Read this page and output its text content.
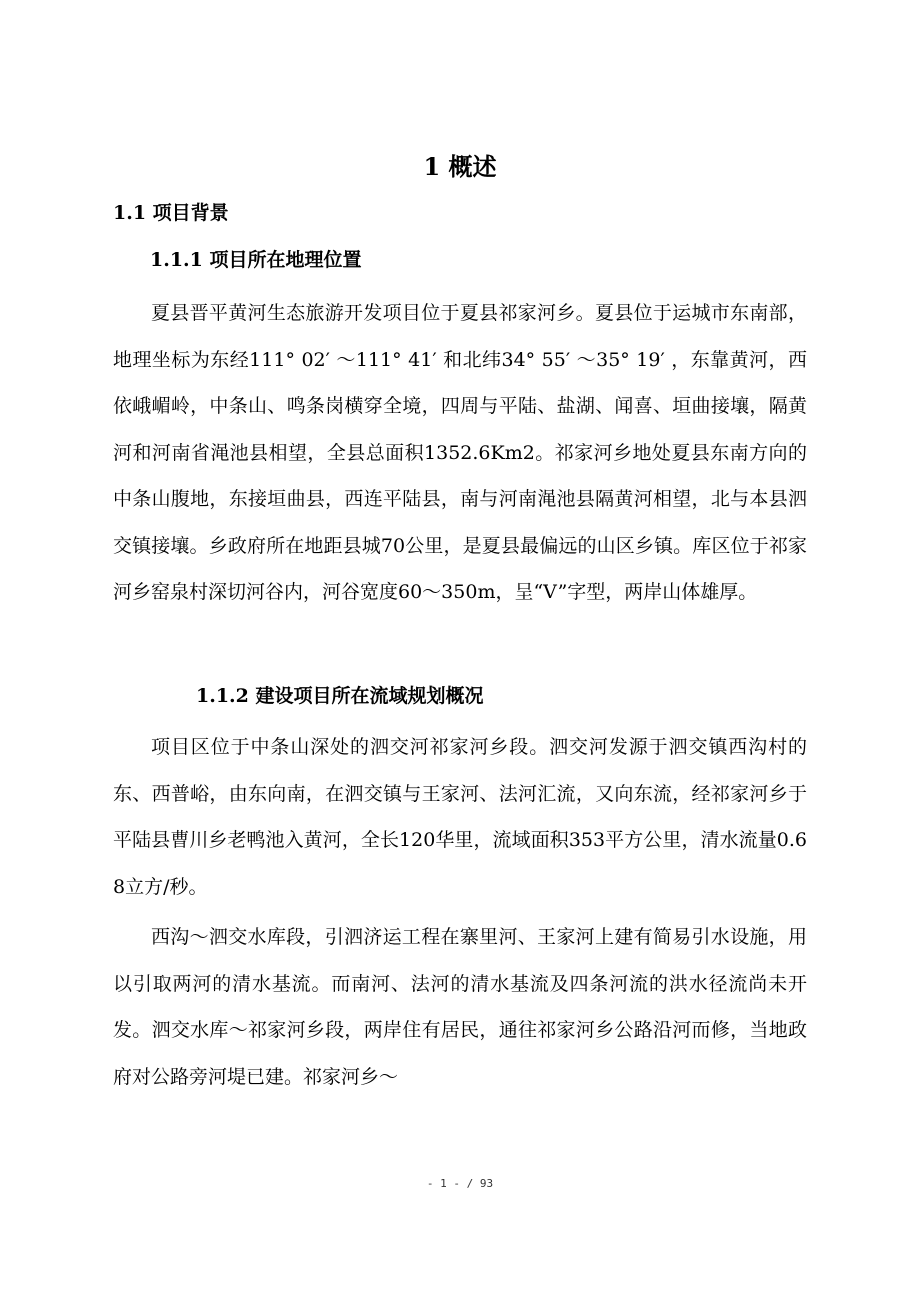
1 概述
1.1 项目背景
1.1.1 项目所在地理位置

夏县晋平黄河生态旅游开发项目位于夏县祁家河乡。夏县位于运城市东南部，地理坐标为东经111° 02′ ～111° 41′ 和北纬34° 55′ ～35° 19′ ，东靠黄河，西依峨嵋岭，中条山、鸣条岗横穿全境，四周与平陆、盐湖、闻喜、垣曲接壤，隔黄河和河南省渑池县相望，全县总面积1352.6Km2。祁家河乡地处夏县东南方向的中条山腹地，东接垣曲县，西连平陆县，南与河南渑池县隔黄河相望，北与本县泗交镇接壤。乡政府所在地距县城70公里，是夏县最偏远的山区乡镇。库区位于祁家河乡窑泉村深切河谷内，河谷宽度60～350m，呈“V”字型，两岸山体雄厚。

1.1.2 建设项目所在流域规划概况

项目区位于中条山深处的泗交河祁家河乡段。泗交河发源于泗交镇西沟村的东、西普峪，由东向南，在泗交镇与王家河、法河汇流，又向东流，经祁家河乡于平陆县曹川乡老鸭池入黄河，全长120华里，流域面积353平方公里，清水流量0.68立方/秒。

西沟～泗交水库段，引泗济运工程在寨里河、王家河上建有简易引水设施，用以引取两河的清水基流。而南河、法河的清水基流及四条河流的洪水径流尚未开发。泗交水库～祁家河乡段，两岸住有居民，通往祁家河乡公路沿河而修，当地政府对公路旁河堤已建。祁家河乡～

- 1 - / 93
